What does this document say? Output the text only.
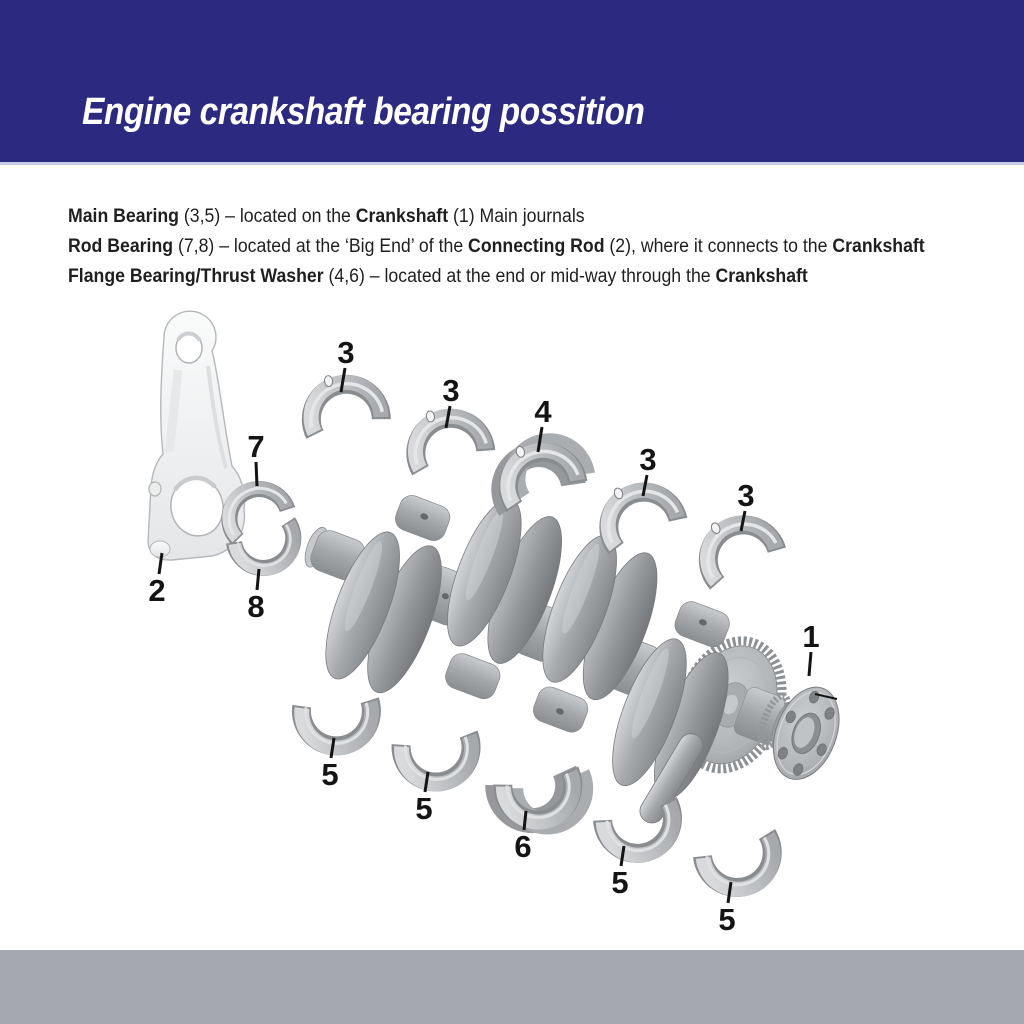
Engine crankshaft bearing possition
Main Bearing (3,5) – located on the Crankshaft (1) Main journals
Rod Bearing (7,8) – located at the ‘Big End’ of the Connecting Rod (2), where it connects to the Crankshaft
Flange Bearing/Thrust Washer (4,6) – located at the end or mid-way through the Crankshaft
1
2
3
3
4
3
3
7
8
5
5
6
5
5
